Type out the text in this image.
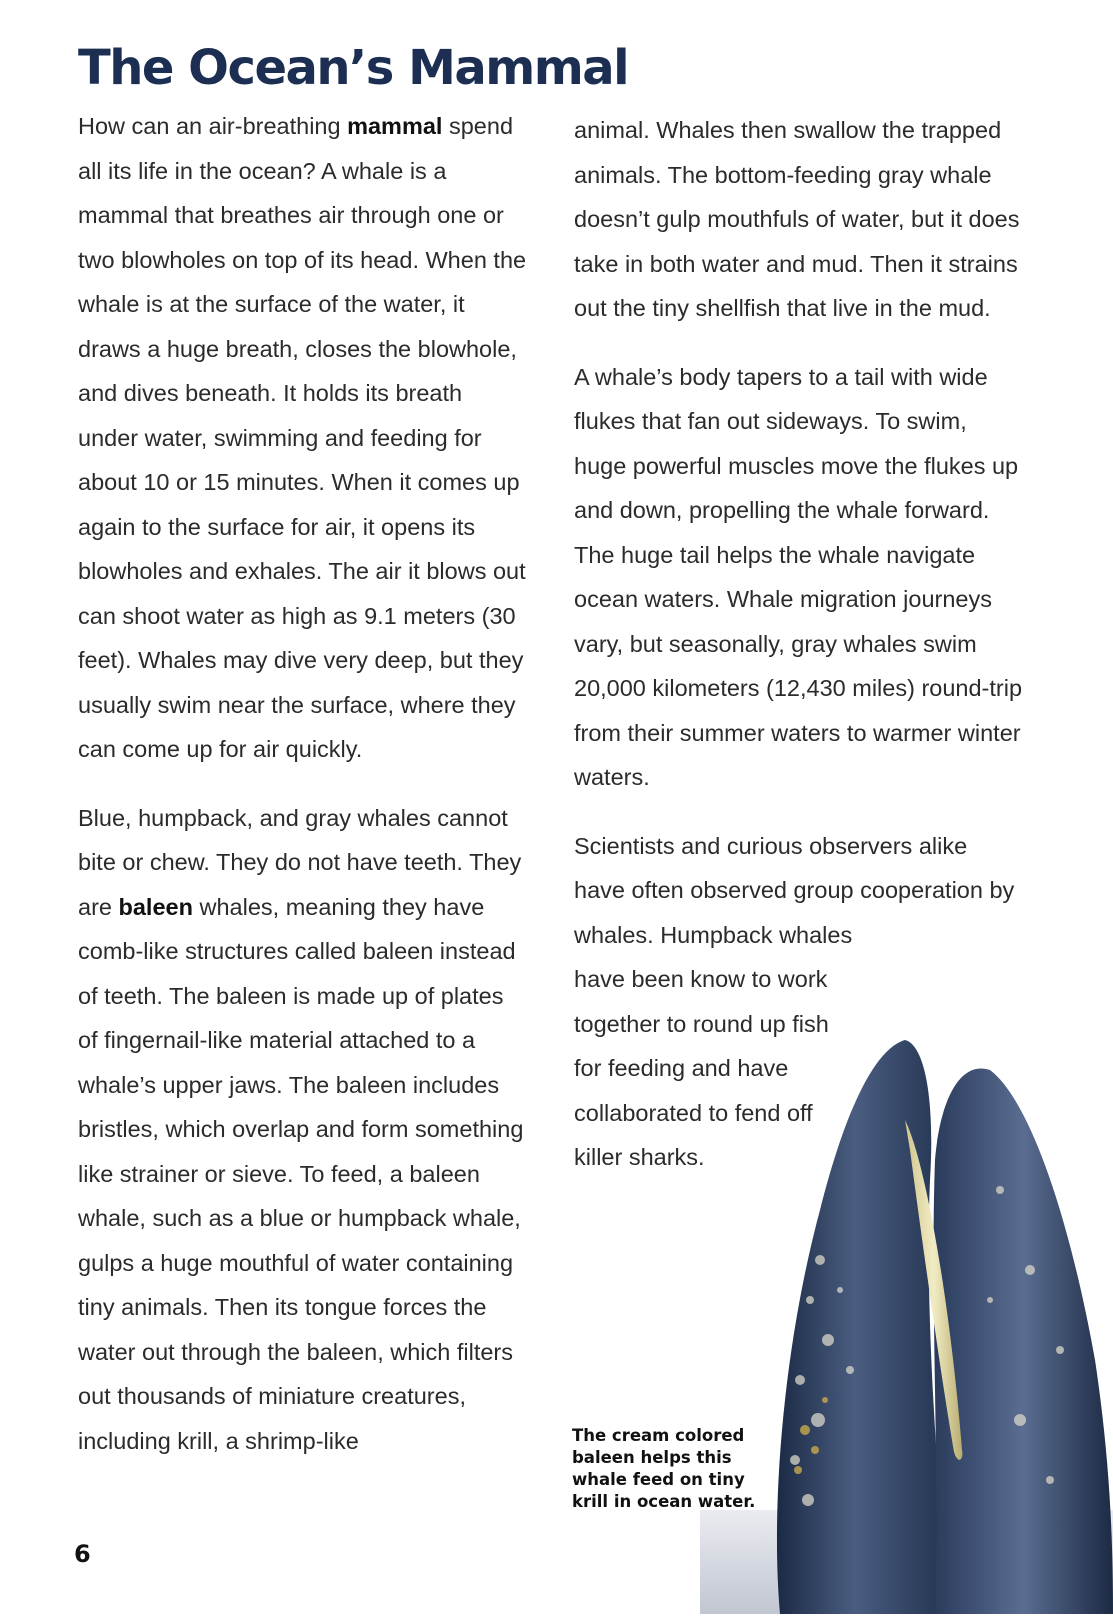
The Ocean’s Mammal

How can an air-breathing mammal spend all its life in the ocean? A whale is a mammal that breathes air through one or two blowholes on top of its head. When the whale is at the surface of the water, it draws a huge breath, closes the blowhole, and dives beneath. It holds its breath under water, swimming and feeding for about 10 or 15 minutes. When it comes up again to the surface for air, it opens its blowholes and exhales. The air it blows out can shoot water as high as 9.1 meters (30 feet). Whales may dive very deep, but they usually swim near the surface, where they can come up for air quickly.

Blue, humpback, and gray whales cannot bite or chew. They do not have teeth. They are baleen whales, meaning they have comb-like structures called baleen instead of teeth. The baleen is made up of plates of fingernail-like material attached to a whale’s upper jaws. The baleen includes bristles, which overlap and form something like strainer or sieve. To feed, a baleen whale, such as a blue or humpback whale, gulps a huge mouthful of water containing tiny animals. Then its tongue forces the water out through the baleen, which filters out thousands of miniature creatures, including krill, a shrimp-like

animal. Whales then swallow the trapped animals. The bottom-feeding gray whale doesn’t gulp mouthfuls of water, but it does take in both water and mud. Then it strains out the tiny shellfish that live in the mud.

A whale’s body tapers to a tail with wide flukes that fan out sideways. To swim, huge powerful muscles move the flukes up and down, propelling the whale forward. The huge tail helps the whale navigate ocean waters. Whale migration journeys vary, but seasonally, gray whales swim 20,000 kilometers (12,430 miles) round-trip from their summer waters to warmer winter waters.

Scientists and curious observers alike have often observed group cooperation by whales. Humpback whales

have been know to work together to round up fish for feeding and have collaborated to fend off killer sharks.

The cream colored baleen helps this whale feed on tiny krill in ocean water.
6
